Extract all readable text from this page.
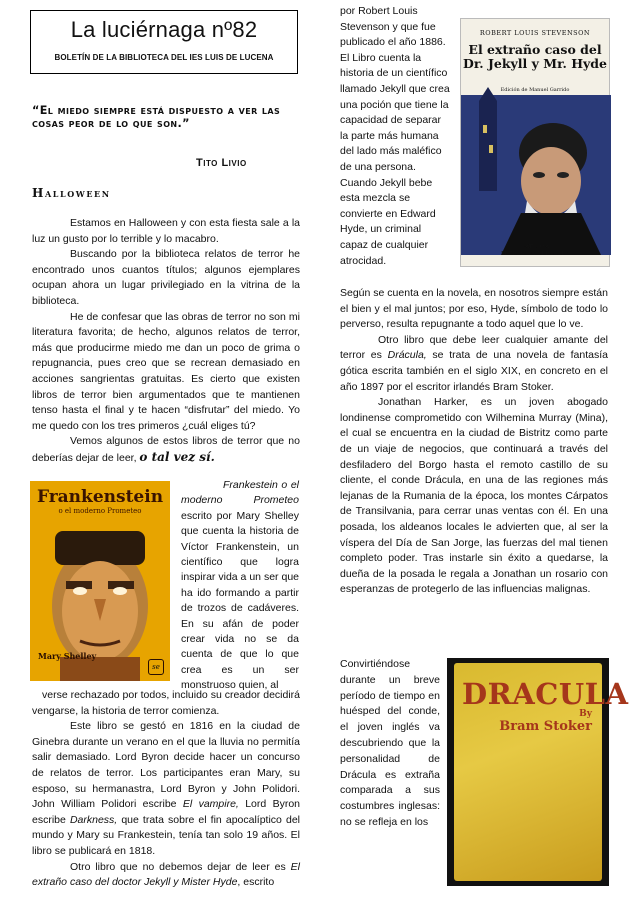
La luciérnaga nº82
BOLETÍN DE LA BIBLIOTECA DEL IES LUIS DE LUCENA
“El miedo siempre está dispuesto a ver las cosas peor de lo que son.”
Tito Livio
Halloween

Estamos en Halloween y con esta fiesta sale a la luz un gusto por lo terrible y lo macabro.

Buscando por la biblioteca relatos de terror he encontrado unos cuantos títulos; algunos ejemplares ocupan ahora un lugar privilegiado en la vitrina de la biblioteca.

He de confesar que las obras de terror no son mi literatura favorita; de hecho, algunos relatos de terror, más que producirme miedo me dan un poco de grima o repugnancia, pues creo que se recrean demasiado en acciones sangrientas gratuitas. Es cierto que existen libros de terror bien argumentados que te mantienen tenso hasta el final y te hacen “disfrutar” del miedo. Yo me quedo con los tres primeros ¿cuál eliges tú?

Vemos algunos de estos libros de terror que no deberías dejar de leer, o tal vez sí.

Frankenstein
o el moderno Prometeo
Mary Shelley
se

Frankestein o el moderno Prometeo escrito por Mary Shelley que cuenta la historia de Víctor Frankenstein, un científico que logra inspirar vida a un ser que ha ido formando a partir de trozos de cadáveres. En su afán de poder crear vida no se da cuenta de que lo que crea es un ser monstruoso quien, al

verse rechazado por todos, incluido su creador decidirá vengarse, la historia de terror comienza.

Este libro se gestó en 1816 en la ciudad de Ginebra durante un verano en el que la lluvia no permitía salir demasiado. Lord Byron decide hacer un concurso de relatos de terror. Los participantes eran Mary, su esposo, su hermanastra, Lord Byron y John Polidori. John William Polidori escribe El vampire, Lord Byron escribe Darkness, que trata sobre el fin apocalíptico del mundo y Mary su Frankestein, tenía tan solo 19 años. El libro se publicará en 1818.

Otro libro que no debemos dejar de leer es El extraño caso del doctor Jekyll y Mister Hyde, escrito

por Robert Louis Stevenson y que fue publicado el año 1886. El Libro cuenta la historia de un científico llamado Jekyll que crea una poción que tiene la capacidad de separar la parte más humana del lado más maléfico de una persona. Cuando Jekyll bebe esta mezcla se convierte en Edward Hyde, un criminal capaz de cualquier atrocidad.

ROBERT LOUIS STEVENSON
El extraño caso del Dr. Jekyll y Mr. Hyde
Edición de Manuel Garrido
CÁTEDRA
LETRAS UNIVERSALES

Según se cuenta en la novela, en nosotros siempre están el bien y el mal juntos; por eso, Hyde, símbolo de todo lo perverso, resulta repugnante a todo aquel que lo ve.

Otro libro que debe leer cualquier amante del terror es Drácula, se trata de una novela de fantasía gótica escrita también en el siglo XIX, en concreto en el año 1897 por el escritor irlandés Bram Stoker.

Jonathan Harker, es un joven abogado londinense comprometido con Wilhemina Murray (Mina), el cual se encuentra en la ciudad de Bistritz como parte de un viaje de negocios, que continuará a través del desfiladero del Borgo hasta el remoto castillo de su cliente, el conde Drácula, en una de las regiones más lejanas de la Rumania de la época, los montes Cárpatos de Transilvania, para cerrar unas ventas con él. En una posada, los aldeanos locales le advierten que, al ser la víspera del Día de San Jorge, las fuerzas del mal tienen completo poder. Tras instarle sin éxito a quedarse, la dueña de la posada le regala a Jonathan un rosario con esperanzas de protegerlo de las influencias malignas.

Convirtiéndose durante un breve período de tiempo en huésped del conde, el joven inglés va descubriendo que la personalidad de Drácula es extraña comparada a sus costumbres inglesas: no se refleja en los

DRACULA
By
Bram Stoker
